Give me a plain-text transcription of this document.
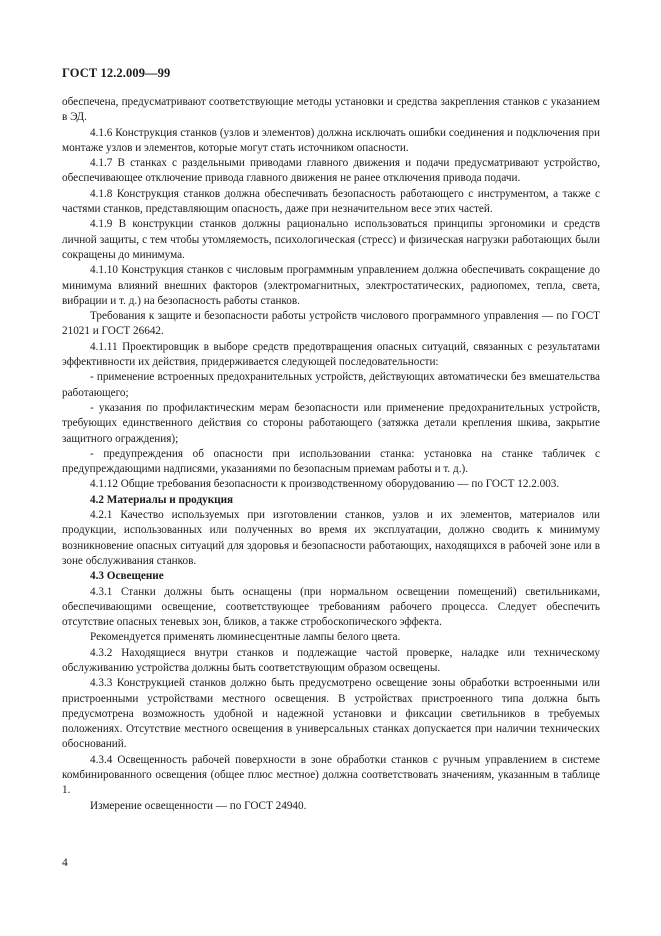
ГОСТ 12.2.009—99

обеспечена, предусматривают соответствующие методы установки и средства закрепления станков с указанием в ЭД.

4.1.6 Конструкция станков (узлов и элементов) должна исключать ошибки соединения и подключения при монтаже узлов и элементов, которые могут стать источником опасности.

4.1.7 В станках с раздельными приводами главного движения и подачи предусматривают устройство, обеспечивающее отключение привода главного движения не ранее отключения привода подачи.

4.1.8 Конструкция станков должна обеспечивать безопасность работающего с инструментом, а также с частями станков, представляющим опасность, даже при незначительном весе этих частей.

4.1.9 В конструкции станков должны рационально использоваться принципы эргономики и средств личной защиты, с тем чтобы утомляемость, психологическая (стресс) и физическая нагрузки работающих были сокращены до минимума.

4.1.10 Конструкция станков с числовым программным управлением должна обеспечивать сокращение до минимума влияний внешних факторов (электромагнитных, электростатических, радиопомех, тепла, света, вибрации и т. д.) на безопасность работы станков.

Требования к защите и безопасности работы устройств числового программного управления — по ГОСТ 21021 и ГОСТ 26642.

4.1.11 Проектировщик в выборе средств предотвращения опасных ситуаций, связанных с результатами эффективности их действия, придерживается следующей последовательности:

- применение встроенных предохранительных устройств, действующих автоматически без вмешательства работающего;

- указания по профилактическим мерам безопасности или применение предохранительных устройств, требующих единственного действия со стороны работающего (затяжка детали крепления шкива, закрытие защитного ограждения);

- предупреждения об опасности при использовании станка: установка на станке табличек с предупреждающими надписями, указаниями по безопасным приемам работы и т. д.).

4.1.12 Общие требования безопасности к производственному оборудованию — по ГОСТ 12.2.003.

4.2 Материалы и продукция

4.2.1 Качество используемых при изготовлении станков, узлов и их элементов, материалов или продукции, использованных или полученных во время их эксплуатации, должно сводить к минимуму возникновение опасных ситуаций для здоровья и безопасности работающих, находящихся в рабочей зоне или в зоне обслуживания станков.

4.3 Освещение

4.3.1 Станки должны быть оснащены (при нормальном освещении помещений) светильниками, обеспечивающими освещение, соответствующее требованиям рабочего процесса. Следует обеспечить отсутствие опасных теневых зон, бликов, а также стробоскопического эффекта.

Рекомендуется применять люминесцентные лампы белого цвета.

4.3.2 Находящиеся внутри станков и подлежащие частой проверке, наладке или техническому обслуживанию устройства должны быть соответствующим образом освещены.

4.3.3 Конструкцией станков должно быть предусмотрено освещение зоны обработки встроенными или пристроенными устройствами местного освещения. В устройствах пристроенного типа должна быть предусмотрена возможность удобной и надежной установки и фиксации светильников в требуемых положениях. Отсутствие местного освещения в универсальных станках допускается при наличии технических обоснований.

4.3.4 Освещенность рабочей поверхности в зоне обработки станков с ручным управлением в системе комбинированного освещения (общее плюс местное) должна соответствовать значениям, указанным в таблице 1.

Измерение освещенности — по ГОСТ 24940.

4
